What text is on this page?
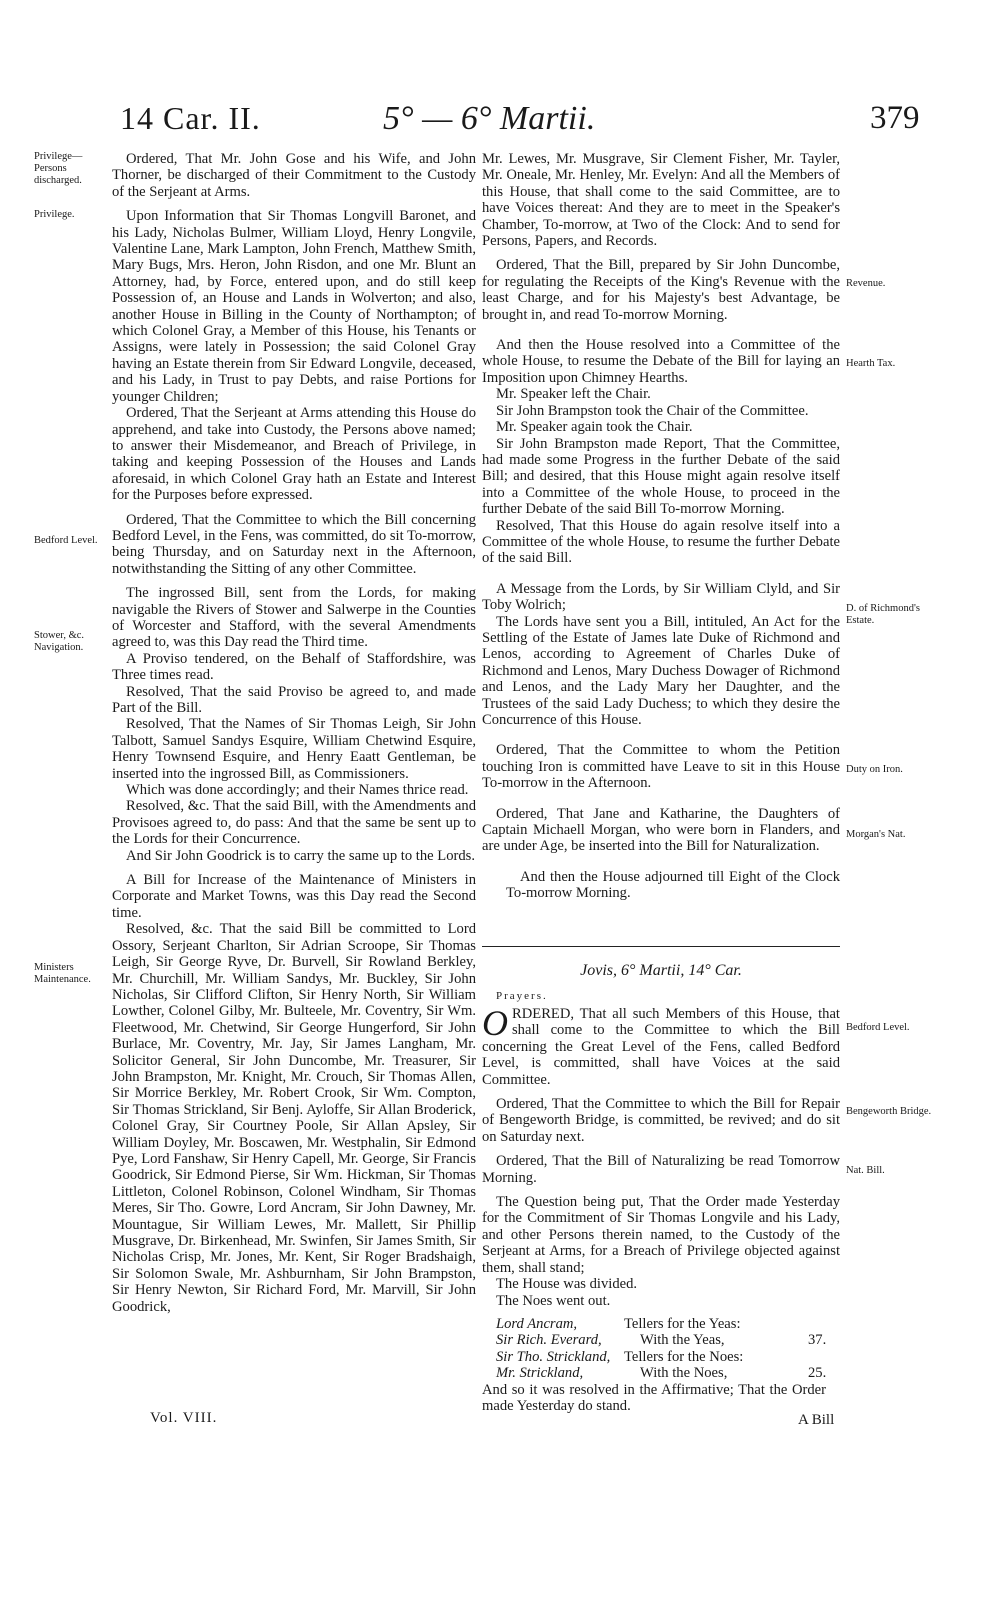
14 Car. II.	5° — 6° Martii.	379
Privilege— Persons discharged.
Privilege.
Bedford Level.
Stower, &c. Navigation.
Ministers Maintenance.
Revenue.
Hearth Tax.
D. of Richmond's Estate.
Duty on Iron.
Morgan's Nat.
Bedford Level.
Bengeworth Bridge.
Nat. Bill.

Ordered, That Mr. John Gose and his Wife, and John Thorner, be discharged of their Commitment to the Custody of the Serjeant at Arms.

Upon Information that Sir Thomas Longvill Baronet, and his Lady, Nicholas Bulmer, William Lloyd, Henry Longvile, Valentine Lane, Mark Lampton, John French, Matthew Smith, Mary Bugs, Mrs. Heron, John Risdon, and one Mr. Blunt an Attorney, had, by Force, entered upon, and do still keep Possession of, an House and Lands in Wolverton; and also, another House in Billing in the County of Northampton; of which Colonel Gray, a Member of this House, his Tenants or Assigns, were lately in Possession; the said Colonel Gray having an Estate therein from Sir Edward Longvile, deceased, and his Lady, in Trust to pay Debts, and raise Portions for younger Children;

Ordered, That the Serjeant at Arms attending this House do apprehend, and take into Custody, the Persons above named; to answer their Misdemeanor, and Breach of Privilege, in taking and keeping Possession of the Houses and Lands aforesaid, in which Colonel Gray hath an Estate and Interest for the Purposes before expressed.

Ordered, That the Committee to which the Bill concerning Bedford Level, in the Fens, was committed, do sit To-morrow, being Thursday, and on Saturday next in the Afternoon, notwithstanding the Sitting of any other Committee.

The ingrossed Bill, sent from the Lords, for making navigable the Rivers of Stower and Salwerpe in the Counties of Worcester and Stafford, with the several Amendments agreed to, was this Day read the Third time.

A Proviso tendered, on the Behalf of Staffordshire, was Three times read.

Resolved, That the said Proviso be agreed to, and made Part of the Bill.

Resolved, That the Names of Sir Thomas Leigh, Sir John Talbott, Samuel Sandys Esquire, William Chetwind Esquire, Henry Townsend Esquire, and Henry Eaatt Gentleman, be inserted into the ingrossed Bill, as Commissioners.

Which was done accordingly; and their Names thrice read.

Resolved, &c. That the said Bill, with the Amendments and Provisoes agreed to, do pass: And that the same be sent up to the Lords for their Concurrence.

And Sir John Goodrick is to carry the same up to the Lords.

A Bill for Increase of the Maintenance of Ministers in Corporate and Market Towns, was this Day read the Second time.

Resolved, &c. That the said Bill be committed to Lord Ossory, Serjeant Charlton, Sir Adrian Scroope, Sir Thomas Leigh, Sir George Ryve, Dr. Burvell, Sir Rowland Berkley, Mr. Churchill, Mr. William Sandys, Mr. Buckley, Sir John Nicholas, Sir Clifford Clifton, Sir Henry North, Sir William Lowther, Colonel Gilby, Mr. Bulteele, Mr. Coventry, Sir Wm. Fleetwood, Mr. Chetwind, Sir George Hungerford, Sir John Burlace, Mr. Coventry, Mr. Jay, Sir James Langham, Mr. Solicitor General, Sir John Duncombe, Mr. Treasurer, Sir John Brampston, Mr. Knight, Mr. Crouch, Sir Thomas Allen, Sir Morrice Berkley, Mr. Robert Crook, Sir Wm. Compton, Sir Thomas Strickland, Sir Benj. Ayloffe, Sir Allan Broderick, Colonel Gray, Sir Courtney Poole, Sir Allan Apsley, Sir William Doyley, Mr. Boscawen, Mr. Westphalin, Sir Edmond Pye, Lord Fanshaw, Sir Henry Capell, Mr. George, Sir Francis Goodrick, Sir Edmond Pierse, Sir Wm. Hickman, Sir Thomas Littleton, Colonel Robinson, Colonel Windham, Sir Thomas Meres, Sir Tho. Gowre, Lord Ancram, Sir John Dawney, Mr. Mountague, Sir William Lewes, Mr. Mallett, Sir Phillip Musgrave, Dr. Birkenhead, Mr. Swinfen, Sir James Smith, Sir Nicholas Crisp, Mr. Jones, Mr. Kent, Sir Roger Bradshaigh, Sir Solomon Swale, Mr. Ashburnham, Sir John Brampston, Sir Henry Newton, Sir Richard Ford, Mr. Marvill, Sir John Goodrick,

Vol. VIII.

Mr. Lewes, Mr. Musgrave, Sir Clement Fisher, Mr. Tayler, Mr. Oneale, Mr. Henley, Mr. Evelyn: And all the Members of this House, that shall come to the said Committee, are to have Voices thereat: And they are to meet in the Speaker's Chamber, To-morrow, at Two of the Clock: And to send for Persons, Papers, and Records.

Ordered, That the Bill, prepared by Sir John Duncombe, for regulating the Receipts of the King's Revenue with the least Charge, and for his Majesty's best Advantage, be brought in, and read To-morrow Morning.

And then the House resolved into a Committee of the whole House, to resume the Debate of the Bill for laying an Imposition upon Chimney Hearths.

Mr. Speaker left the Chair.

Sir John Brampston took the Chair of the Committee.

Mr. Speaker again took the Chair.

Sir John Brampston made Report, That the Committee, had made some Progress in the further Debate of the said Bill; and desired, that this House might again resolve itself into a Committee of the whole House, to proceed in the further Debate of the said Bill To-morrow Morning.

Resolved, That this House do again resolve itself into a Committee of the whole House, to resume the further Debate of the said Bill.

A Message from the Lords, by Sir William Clyld, and Sir Toby Wolrich;

The Lords have sent you a Bill, intituled, An Act for the Settling of the Estate of James late Duke of Richmond and Lenos, according to Agreement of Charles Duke of Richmond and Lenos, Mary Duchess Dowager of Richmond and Lenos, and the Lady Mary her Daughter, and the Trustees of the said Lady Duchess; to which they desire the Concurrence of this House.

Ordered, That the Committee to whom the Petition touching Iron is committed have Leave to sit in this House To-morrow in the Afternoon.

Ordered, That Jane and Katharine, the Daughters of Captain Michaell Morgan, who were born in Flanders, and are under Age, be inserted into the Bill for Naturalization.

And then the House adjourned till Eight of the Clock To-morrow Morning.

Jovis, 6° Martii, 14° Car.
Prayers.

ORDERED, That all such Members of this House, that shall come to the Committee to which the Bill concerning the Great Level of the Fens, called Bedford Level, is committed, shall have Voices at the said Committee.

Ordered, That the Committee to which the Bill for Repair of Bengeworth Bridge, is committed, be revived; and do sit on Saturday next.

Ordered, That the Bill of Naturalizing be read Tomorrow Morning.

The Question being put, That the Order made Yesterday for the Commitment of Sir Thomas Longvile and his Lady, and other Persons therein named, to the Custody of the Serjeant at Arms, for a Breach of Privilege objected against them, shall stand;

The House was divided.

The Noes went out.

Lord Ancram,	Tellers for the Yeas:
Sir Rich. Everard,	With the Yeas,	37.
Sir Tho. Strickland, Tellers for the Noes:
Mr. Strickland,	With the Noes,	25.
And so it was resolved in the Affirmative; That the Order made Yesterday do stand.
A Bill
